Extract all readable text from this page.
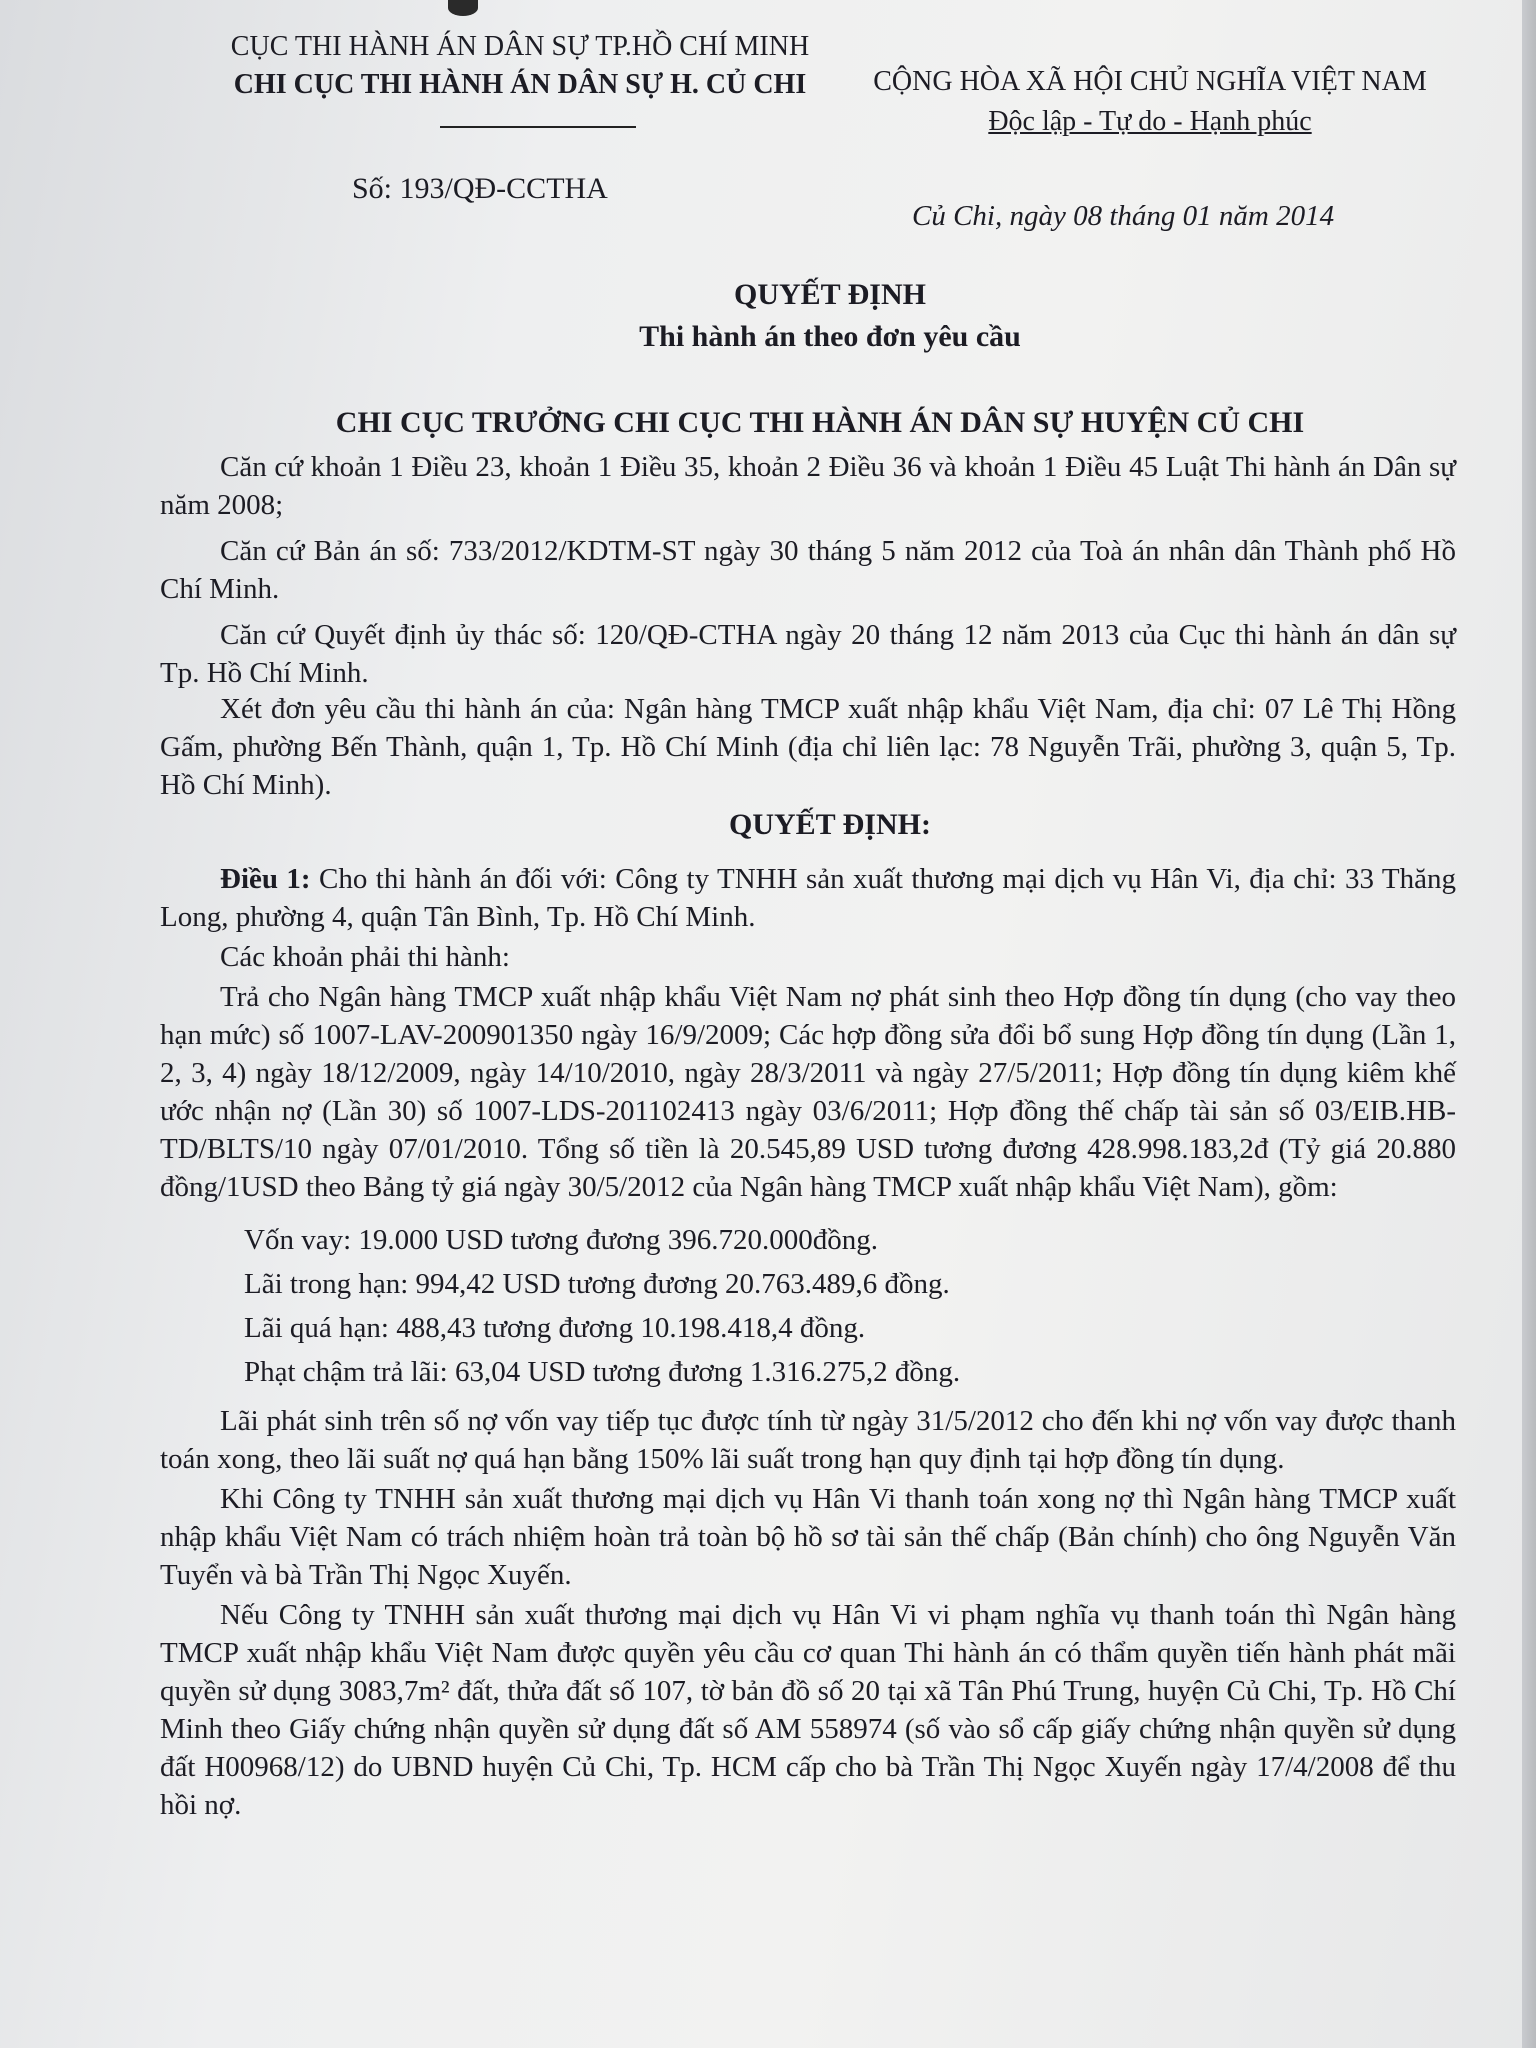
CỤC THI HÀNH ÁN DÂN SỰ TP.HỒ CHÍ MINH
CHI CỤC THI HÀNH ÁN DÂN SỰ H. CỦ CHI	CỘNG HÒA XÃ HỘI CHỦ NGHĨA VIỆT NAM
Độc lập - Tự do - Hạnh phúc
Số: 193/QĐ-CCTHA
Củ Chi, ngày 08 tháng 01 năm 2014
QUYẾT ĐỊNH
Thi hành án theo đơn yêu cầu
CHI CỤC TRƯỞNG CHI CỤC THI HÀNH ÁN DÂN SỰ HUYỆN CỦ CHI

Căn cứ khoản 1 Điều 23, khoản 1 Điều 35, khoản 2 Điều 36 và khoản 1 Điều 45 Luật Thi hành án Dân sự năm 2008;

Căn cứ Bản án số: 733/2012/KDTM-ST ngày 30 tháng 5 năm 2012 của Toà án nhân dân Thành phố Hồ Chí Minh.

Căn cứ Quyết định ủy thác số: 120/QĐ-CTHA ngày 20 tháng 12 năm 2013 của Cục thi hành án dân sự Tp. Hồ Chí Minh.

Xét đơn yêu cầu thi hành án của: Ngân hàng TMCP xuất nhập khẩu Việt Nam, địa chỉ: 07 Lê Thị Hồng Gấm, phường Bến Thành, quận 1, Tp. Hồ Chí Minh (địa chỉ liên lạc: 78 Nguyễn Trãi, phường 3, quận 5, Tp. Hồ Chí Minh).

QUYẾT ĐỊNH:

Điều 1: Cho thi hành án đối với: Công ty TNHH sản xuất thương mại dịch vụ Hân Vi, địa chỉ: 33 Thăng Long, phường 4, quận Tân Bình, Tp. Hồ Chí Minh.

Các khoản phải thi hành:

Trả cho Ngân hàng TMCP xuất nhập khẩu Việt Nam nợ phát sinh theo Hợp đồng tín dụng (cho vay theo hạn mức) số 1007-LAV-200901350 ngày 16/9/2009; Các hợp đồng sửa đổi bổ sung Hợp đồng tín dụng (Lần 1, 2, 3, 4) ngày 18/12/2009, ngày 14/10/2010, ngày 28/3/2011 và ngày 27/5/2011; Hợp đồng tín dụng kiêm khế ước nhận nợ (Lần 30) số 1007-LDS-201102413 ngày 03/6/2011; Hợp đồng thế chấp tài sản số 03/EIB.HB-TD/BLTS/10 ngày 07/01/2010. Tổng số tiền là 20.545,89 USD tương đương 428.998.183,2đ (Tỷ giá 20.880 đồng/1USD theo Bảng tỷ giá ngày 30/5/2012 của Ngân hàng TMCP xuất nhập khẩu Việt Nam), gồm:

Vốn vay: 19.000 USD tương đương 396.720.000đồng.
Lãi trong hạn: 994,42 USD tương đương 20.763.489,6 đồng.
Lãi quá hạn: 488,43 tương đương 10.198.418,4 đồng.
Phạt chậm trả lãi: 63,04 USD tương đương 1.316.275,2 đồng.

Lãi phát sinh trên số nợ vốn vay tiếp tục được tính từ ngày 31/5/2012 cho đến khi nợ vốn vay được thanh toán xong, theo lãi suất nợ quá hạn bằng 150% lãi suất trong hạn quy định tại hợp đồng tín dụng.

Khi Công ty TNHH sản xuất thương mại dịch vụ Hân Vi thanh toán xong nợ thì Ngân hàng TMCP xuất nhập khẩu Việt Nam có trách nhiệm hoàn trả toàn bộ hồ sơ tài sản thế chấp (Bản chính) cho ông Nguyễn Văn Tuyển và bà Trần Thị Ngọc Xuyến.

Nếu Công ty TNHH sản xuất thương mại dịch vụ Hân Vi vi phạm nghĩa vụ thanh toán thì Ngân hàng TMCP xuất nhập khẩu Việt Nam được quyền yêu cầu cơ quan Thi hành án có thẩm quyền tiến hành phát mãi quyền sử dụng 3083,7m² đất, thửa đất số 107, tờ bản đồ số 20 tại xã Tân Phú Trung, huyện Củ Chi, Tp. Hồ Chí Minh theo Giấy chứng nhận quyền sử dụng đất số AM 558974 (số vào sổ cấp giấy chứng nhận quyền sử dụng đất H00968/12) do UBND huyện Củ Chi, Tp. HCM cấp cho bà Trần Thị Ngọc Xuyến ngày 17/4/2008 để thu hồi nợ.
